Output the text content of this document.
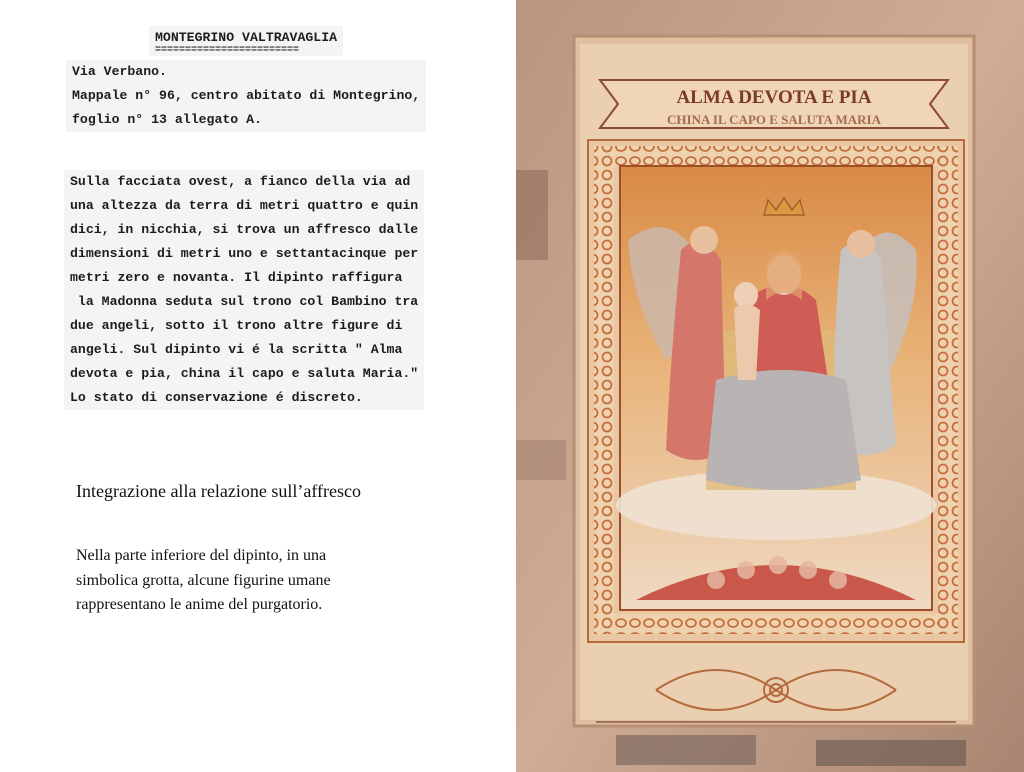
MONTEGRINO VALTRAVAGLIA
========================
Via Verbano.
Mappale n° 96, centro abitato di Montegrino,
foglio n° 13 allegato A.
Sulla facciata ovest, a fianco della via ad
una altezza da terra di metri quattro e quin
dici, in nicchia, si trova un affresco dalle
dimensioni di metri uno e settantacinque per
metri zero e novanta. Il dipinto raffigura
la Madonna seduta sul trono col Bambino tra
due angeli, sotto il trono altre figure di
angeli. Sul dipinto vi é la scritta " Alma
devota e pia, china il capo e saluta Maria."
Lo stato di conservazione é discreto.
Integrazione alla relazione sull’affresco
Nella parte inferiore del dipinto, in una
simbolica grotta, alcune figurine umane
rappresentano le anime del purgatorio.
ALMA DEVOTA E PIA
CHINA IL CAPO E SALUTA MARIA
